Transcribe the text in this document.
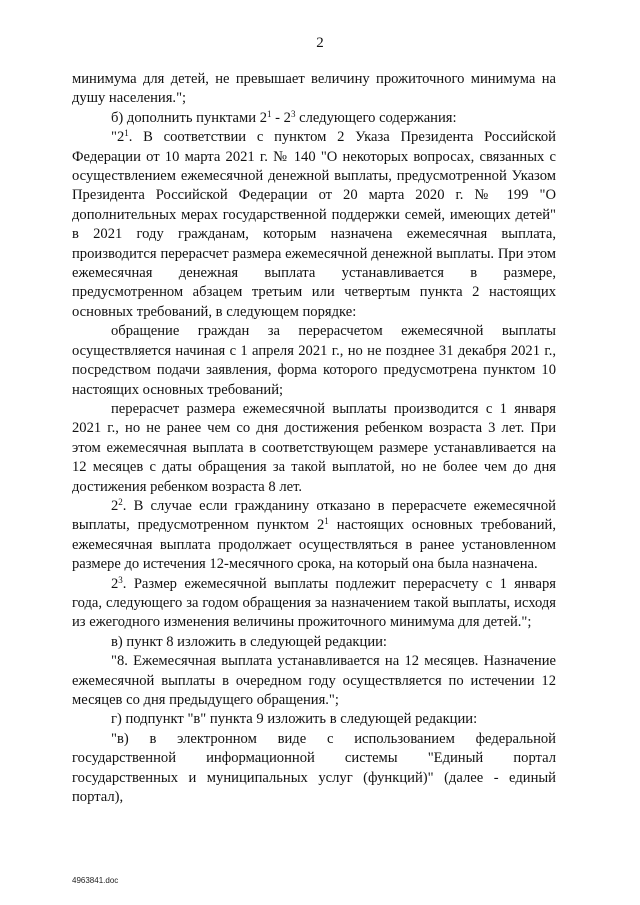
2

минимума для детей, не превышает величину прожиточного минимума на душу населения.";

б) дополнить пунктами $2^1 - 2^3$ следующего содержания:

"$2^1$. В соответствии с пунктом 2 Указа Президента Российской Федерации от 10 марта 2021 г. № 140 "О некоторых вопросах, связанных с осуществлением ежемесячной денежной выплаты, предусмотренной Указом Президента Российской Федерации от 20 марта 2020 г. № 199 "О дополнительных мерах государственной поддержки семей, имеющих детей" в 2021 году гражданам, которым назначена ежемесячная выплата, производится перерасчет размера ежемесячной денежной выплаты. При этом ежемесячная денежная выплата устанавливается в размере, предусмотренном абзацем третьим или четвертым пункта 2 настоящих основных требований, в следующем порядке:

обращение граждан за перерасчетом ежемесячной выплаты осуществляется начиная с 1 апреля 2021 г., но не позднее 31 декабря 2021 г., посредством подачи заявления, форма которого предусмотрена пунктом 10 настоящих основных требований;

перерасчет размера ежемесячной выплаты производится с 1 января 2021 г., но не ранее чем со дня достижения ребенком возраста 3 лет. При этом ежемесячная выплата в соответствующем размере устанавливается на 12 месяцев с даты обращения за такой выплатой, но не более чем до дня достижения ребенком возраста 8 лет.

$2^2$. В случае если гражданину отказано в перерасчете ежемесячной выплаты, предусмотренном пунктом $2^1$ настоящих основных требований, ежемесячная выплата продолжает осуществляться в ранее установленном размере до истечения 12-месячного срока, на который она была назначена.

$2^3$. Размер ежемесячной выплаты подлежит перерасчету с 1 января года, следующего за годом обращения за назначением такой выплаты, исходя из ежегодного изменения величины прожиточного минимума для детей.";

в) пункт 8 изложить в следующей редакции:

"8. Ежемесячная выплата устанавливается на 12 месяцев. Назначение ежемесячной выплаты в очередном году осуществляется по истечении 12 месяцев со дня предыдущего обращения.";

г) подпункт "в" пункта 9 изложить в следующей редакции:

"в) в электронном виде с использованием федеральной государственной информационной системы "Единый портал государственных и муниципальных услуг (функций)" (далее - единый портал),

4963841.doc
